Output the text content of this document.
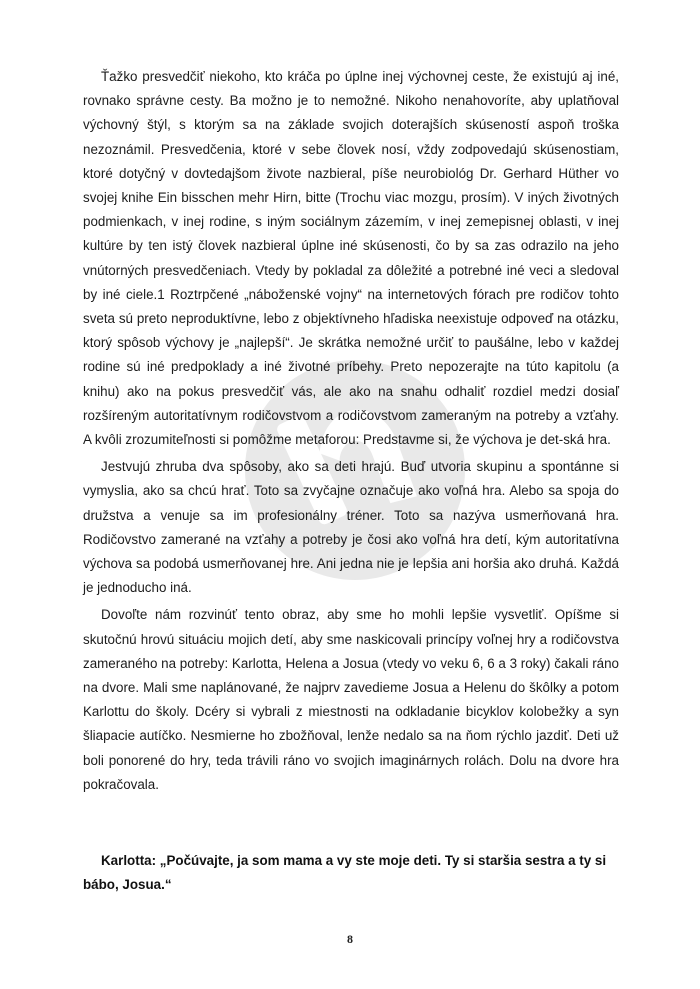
Ťažko presvedčiť niekoho, kto kráča po úplne inej výchovnej ceste, že existujú aj iné, rovnako správne cesty. Ba možno je to nemožné. Nikoho nenahovoríte, aby uplatňoval výchovný štýl, s ktorým sa na základe svojich doterajších skúseností aspoň troška nezoznámil. Presvedčenia, ktoré v sebe človek nosí, vždy zodpovedajú skúsenostiam, ktoré dotyčný v dovtedajšom živote nazbieral, píše neurobiológ Dr. Gerhard Hüther vo svojej knihe Ein bisschen mehr Hirn, bitte (Trochu viac mozgu, prosím). V iných životných podmienkach, v inej rodine, s iným sociálnym zázemím, v inej zemepisnej oblasti, v inej kultúre by ten istý človek nazbieral úplne iné skúsenosti, čo by sa zas odrazilo na jeho vnútorných presvedčeniach. Vtedy by pokladal za dôležité a potrebné iné veci a sledoval by iné ciele.1 Roztrpčené „náboženské vojny“ na internetových fórach pre rodičov tohto sveta sú preto neproduktívne, lebo z objektívneho hľadiska neexistuje odpoveď na otázku, ktorý spôsob výchovy je „najlepší“. Je skrátka nemožné určiť to paušálne, lebo v každej rodine sú iné predpoklady a iné životné príbehy. Preto nepozerajte na túto kapitolu (a knihu) ako na pokus presvedčiť vás, ale ako na snahu odhaliť rozdiel medzi dosiaľ rozšíreným autoritatívnym rodičovstvom a rodičovstvom zameraným na potreby a vzťahy. A kvôli zrozumiteľnosti si pomôžme metaforou: Predstavme si, že výchova je det-ská hra.

Jestvujú zhruba dva spôsoby, ako sa deti hrajú. Buď utvoria skupinu a spontánne si vymyslia, ako sa chcú hrať. Toto sa zvyčajne označuje ako voľná hra. Alebo sa spoja do družstva a venuje sa im profesionálny tréner. Toto sa nazýva usmerňovaná hra. Rodičovstvo zamerané na vzťahy a potreby je čosi ako voľná hra detí, kým autoritatívna výchova sa podobá usmerňovanej hre. Ani jedna nie je lepšia ani horšia ako druhá. Každá je jednoducho iná.

Dovoľte nám rozvinúť tento obraz, aby sme ho mohli lepšie vysvetliť. Opíšme si skutočnú hrovú situáciu mojich detí, aby sme naskicovali princípy voľnej hry a rodičovstva zameraného na potreby: Karlotta, Helena a Josua (vtedy vo veku 6, 6 a 3 roky) čakali ráno na dvore. Mali sme naplánované, že najprv zavedieme Josua a Helenu do škôlky a potom Karlottu do školy. Dcéry si vybrali z miestnosti na odkladanie bicyklov kolobežky a syn šliapacie autíčko. Nesmierne ho zbožňoval, lenže nedalo sa na ňom rýchlo jazdiť. Deti už boli ponorené do hry, teda trávili ráno vo svojich imaginárnych rolách. Dolu na dvore hra pokračovala.

Karlotta: „Počúvajte, ja som mama a vy ste moje deti. Ty si staršia sestra a ty si bábo, Josua.“
8
